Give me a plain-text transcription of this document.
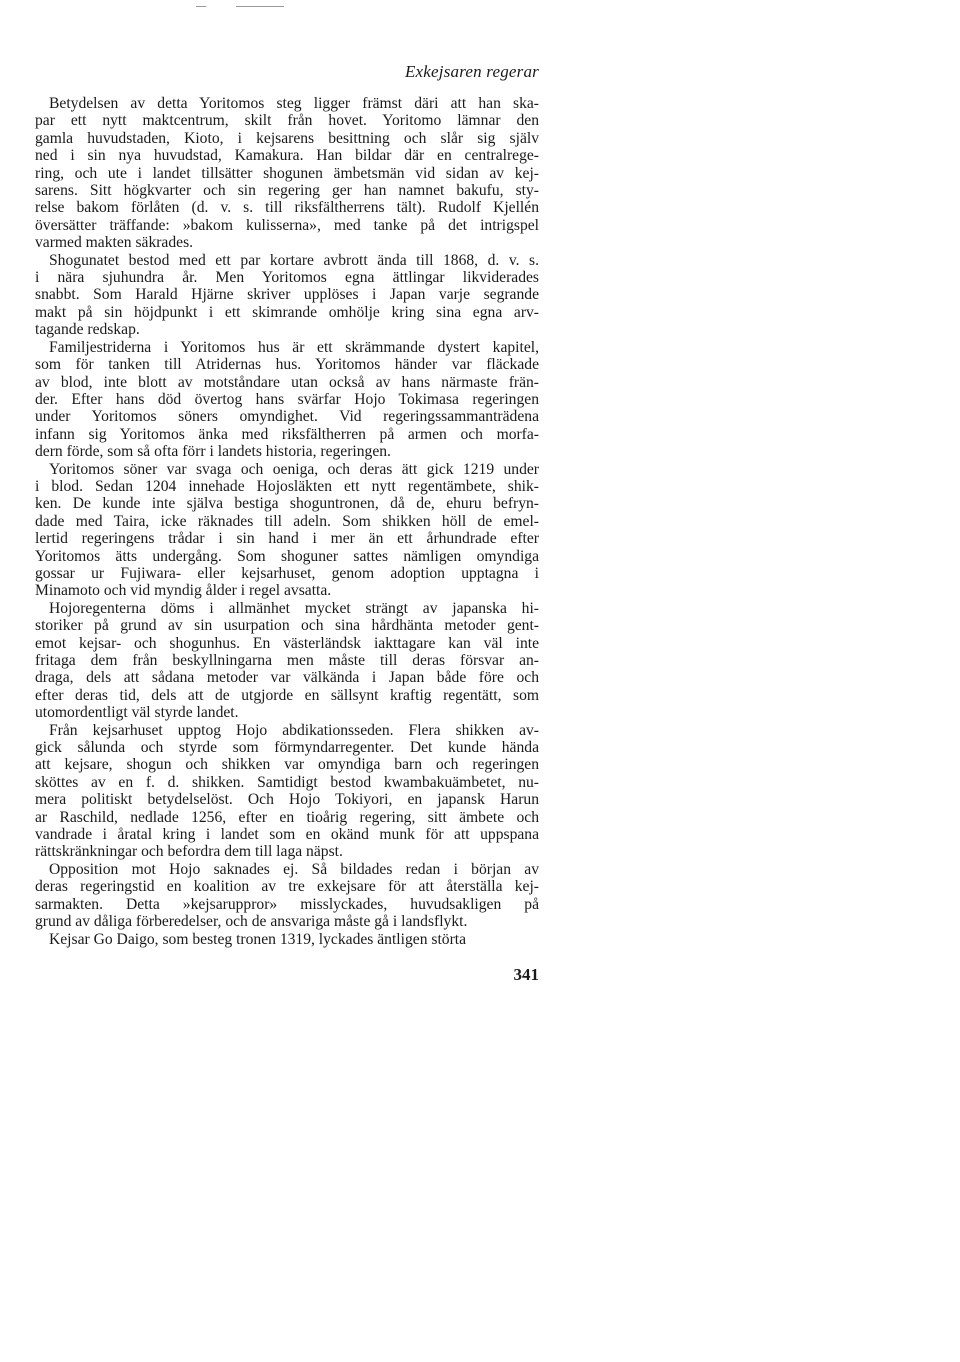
Exkejsaren regerar

Betydelsen av detta Yoritomos steg ligger främst däri att han ska-
par ett nytt maktcentrum, skilt från hovet. Yoritomo lämnar den
gamla huvudstaden, Kioto, i kejsarens besittning och slår sig själv
ned i sin nya huvudstad, Kamakura. Han bildar där en centralrege-
ring, och ute i landet tillsätter shogunen ämbetsmän vid sidan av kej-
sarens. Sitt högkvarter och sin regering ger han namnet bakufu, sty-
relse bakom förlåten (d. v. s. till riksfältherrens tält). Rudolf Kjellén
översätter träffande: »bakom kulisserna», med tanke på det intrigspel
varmed makten säkrades.

Shogunatet bestod med ett par kortare avbrott ända till 1868, d. v. s.
i nära sjuhundra år. Men Yoritomos egna ättlingar likviderades
snabbt. Som Harald Hjärne skriver upplöses i Japan varje segrande
makt på sin höjdpunkt i ett skimrande omhölje kring sina egna arv-
tagande redskap.

Familjestriderna i Yoritomos hus är ett skrämmande dystert kapitel,
som för tanken till Atridernas hus. Yoritomos händer var fläckade
av blod, inte blott av motståndare utan också av hans närmaste frän-
der. Efter hans död övertog hans svärfar Hojo Tokimasa regeringen
under Yoritomos söners omyndighet. Vid regeringssammanträdena
infann sig Yoritomos änka med riksfältherren på armen och morfa-
dern förde, som så ofta förr i landets historia, regeringen.

Yoritomos söner var svaga och oeniga, och deras ätt gick 1219 under
i blod. Sedan 1204 innehade Hojosläkten ett nytt regentämbete, shik-
ken. De kunde inte själva bestiga shoguntronen, då de, ehuru befryn-
dade med Taira, icke räknades till adeln. Som shikken höll de emel-
lertid regeringens trådar i sin hand i mer än ett århundrade efter
Yoritomos ätts undergång. Som shoguner sattes nämligen omyndiga
gossar ur Fujiwara- eller kejsarhuset, genom adoption upptagna i
Minamoto och vid myndig ålder i regel avsatta.

Hojoregenterna döms i allmänhet mycket strängt av japanska hi-
storiker på grund av sin usurpation och sina hårdhänta metoder gent-
emot kejsar- och shogunhus. En västerländsk iakttagare kan väl inte
fritaga dem från beskyllningarna men måste till deras försvar an-
draga, dels att sådana metoder var välkända i Japan både före och
efter deras tid, dels att de utgjorde en sällsynt kraftig regentätt, som
utomordentligt väl styrde landet.

Från kejsarhuset upptog Hojo abdikationsseden. Flera shikken av-
gick sålunda och styrde som förmyndarregenter. Det kunde hända
att kejsare, shogun och shikken var omyndiga barn och regeringen
sköttes av en f. d. shikken. Samtidigt bestod kwambakuämbetet, nu-
mera politiskt betydelselöst. Och Hojo Tokiyori, en japansk Harun
ar Raschild, nedlade 1256, efter en tioårig regering, sitt ämbete och
vandrade i åratal kring i landet som en okänd munk för att uppspana
rättskränkningar och befordra dem till laga näpst.

Opposition mot Hojo saknades ej. Så bildades redan i början av
deras regeringstid en koalition av tre exkejsare för att återställa kej-
sarmakten. Detta »kejsaruppror» misslyckades, huvudsakligen på
grund av dåliga förberedelser, och de ansvariga måste gå i landsflykt.

Kejsar Go Daigo, som besteg tronen 1319, lyckades äntligen störta

341
